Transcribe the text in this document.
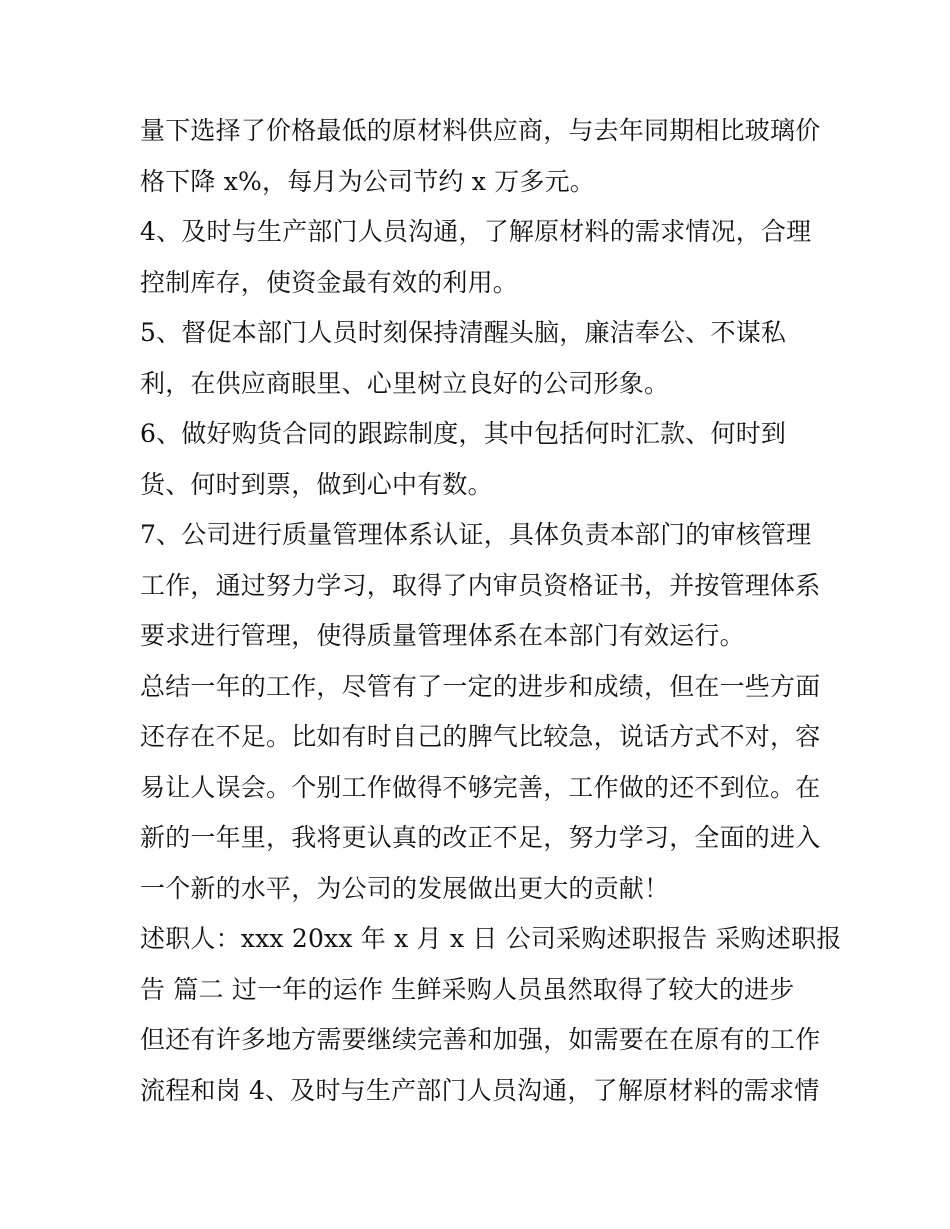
量下选择了价格最低的原材料供应商，与去年同期相比玻璃价
格下降 x%，每月为公司节约 x 万多元。
4、及时与生产部门人员沟通，了解原材料的需求情况，合理
控制库存，使资金最有效的利用。
5、督促本部门人员时刻保持清醒头脑，廉洁奉公、不谋私
利，在供应商眼里、心里树立良好的公司形象。
6、做好购货合同的跟踪制度，其中包括何时汇款、何时到
货、何时到票，做到心中有数。
7、公司进行质量管理体系认证，具体负责本部门的审核管理
工作，通过努力学习，取得了内审员资格证书，并按管理体系
要求进行管理，使得质量管理体系在本部门有效运行。
总结一年的工作，尽管有了一定的进步和成绩，但在一些方面
还存在不足。比如有时自己的脾气比较急，说话方式不对，容
易让人误会。个别工作做得不够完善，工作做的还不到位。在
新的一年里，我将更认真的改正不足，努力学习，全面的进入
一个新的水平，为公司的发展做出更大的贡献！
述职人：xxx 20xx 年 x 月 x 日 公司采购述职报告 采购述职报
告 篇二 过一年的运作 生鲜采购人员虽然取得了较大的进步
但还有许多地方需要继续完善和加强，如需要在在原有的工作
流程和岗 4、及时与生产部门人员沟通，了解原材料的需求情
